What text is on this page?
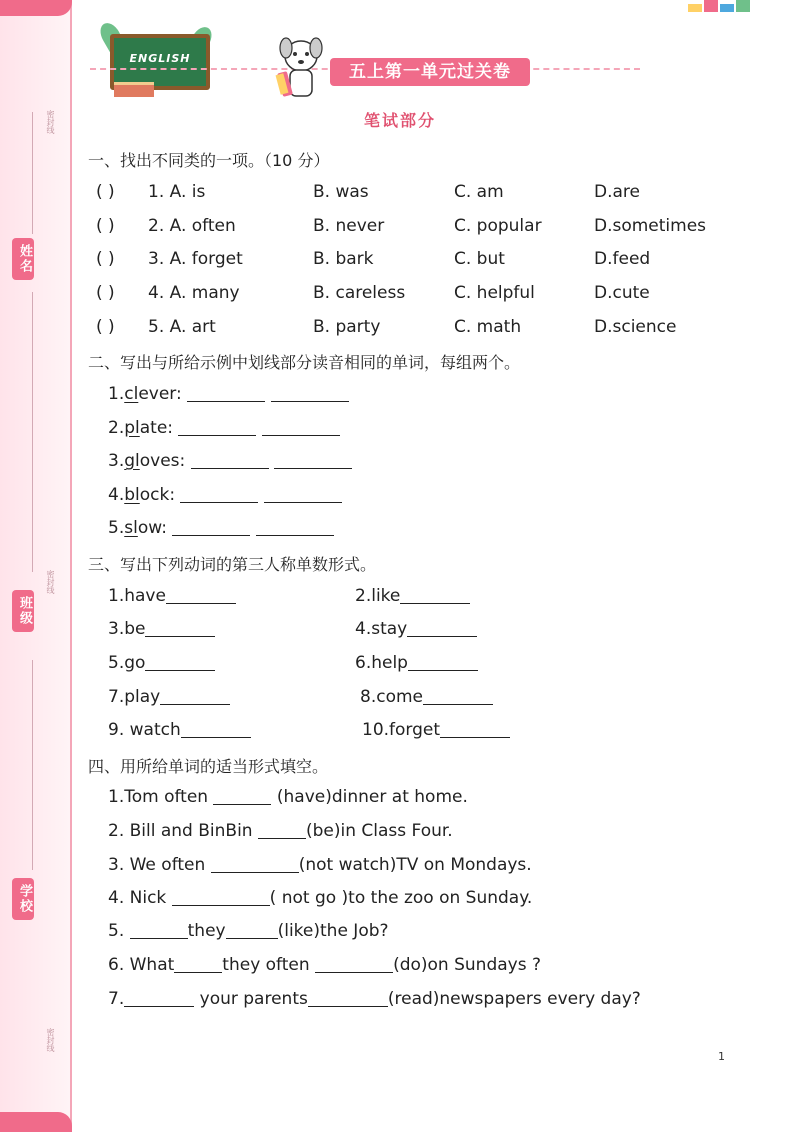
姓名
班级
学校
密封线
密封线
密封线
ENGLISH
五上第一单元过关卷
笔试部分
一、找出不同类的一项。（10 分）
( ) 1. A. is	B. was	C. am	D.are
( ) 2. A. often	B. never	C. popular	D.sometimes
( ) 3. A. forget	B. bark	C. but	D.feed
( ) 4. A. many	B. careless	C. helpful	D.cute
( ) 5. A. art	B. party	C. math	D.science
二、写出与所给示例中划线部分读音相同的单词，每组两个。
1.clever:
2.plate:
3.gloves:
4.block:
5.slow:
三、写出下列动词的第三人称单数形式。
1.have	2.like
3.be	4.stay
5.go	6.help
7.play	8.come
9. watch	10.forget
四、用所给单词的适当形式填空。
1.Tom often	(have)dinner at home.
2. Bill and BinBin	(be)in Class Four.
3. We often	(not watch)TV on Mondays.
4. Nick	( not go )to the zoo on Sunday.
5.	they	(like)the Job?
6. What	they often	(do)on Sundays ?
7.	your parents	(read)newspapers every day?
1
